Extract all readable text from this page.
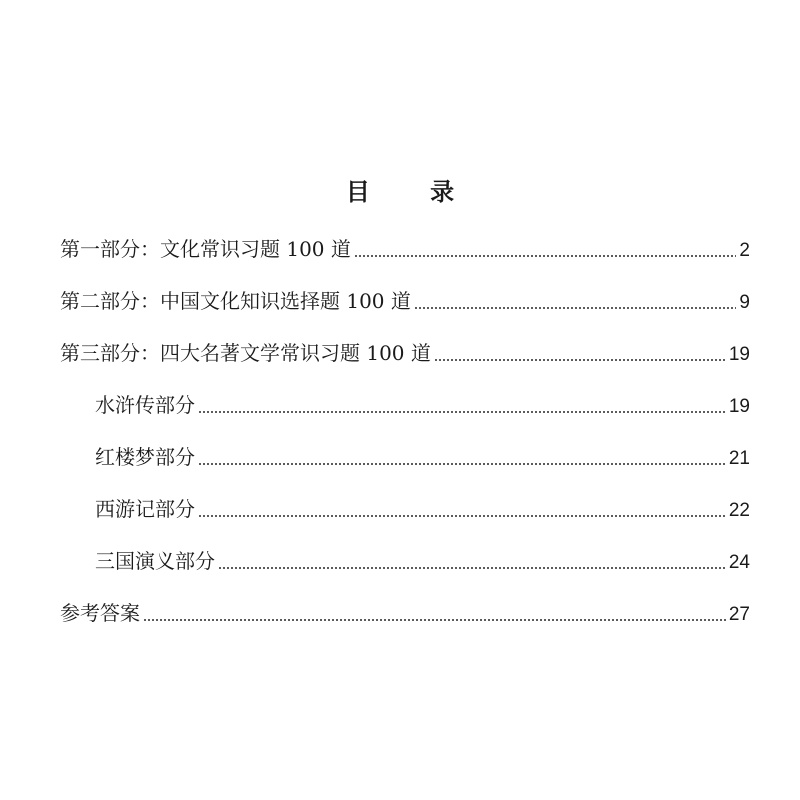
目 录
第一部分：文化常识习题 100 道	2
第二部分：中国文化知识选择题 100 道	9
第三部分：四大名著文学常识习题 100 道	19
水浒传部分	19
红楼梦部分	21
西游记部分	22
三国演义部分	24
参考答案	27
